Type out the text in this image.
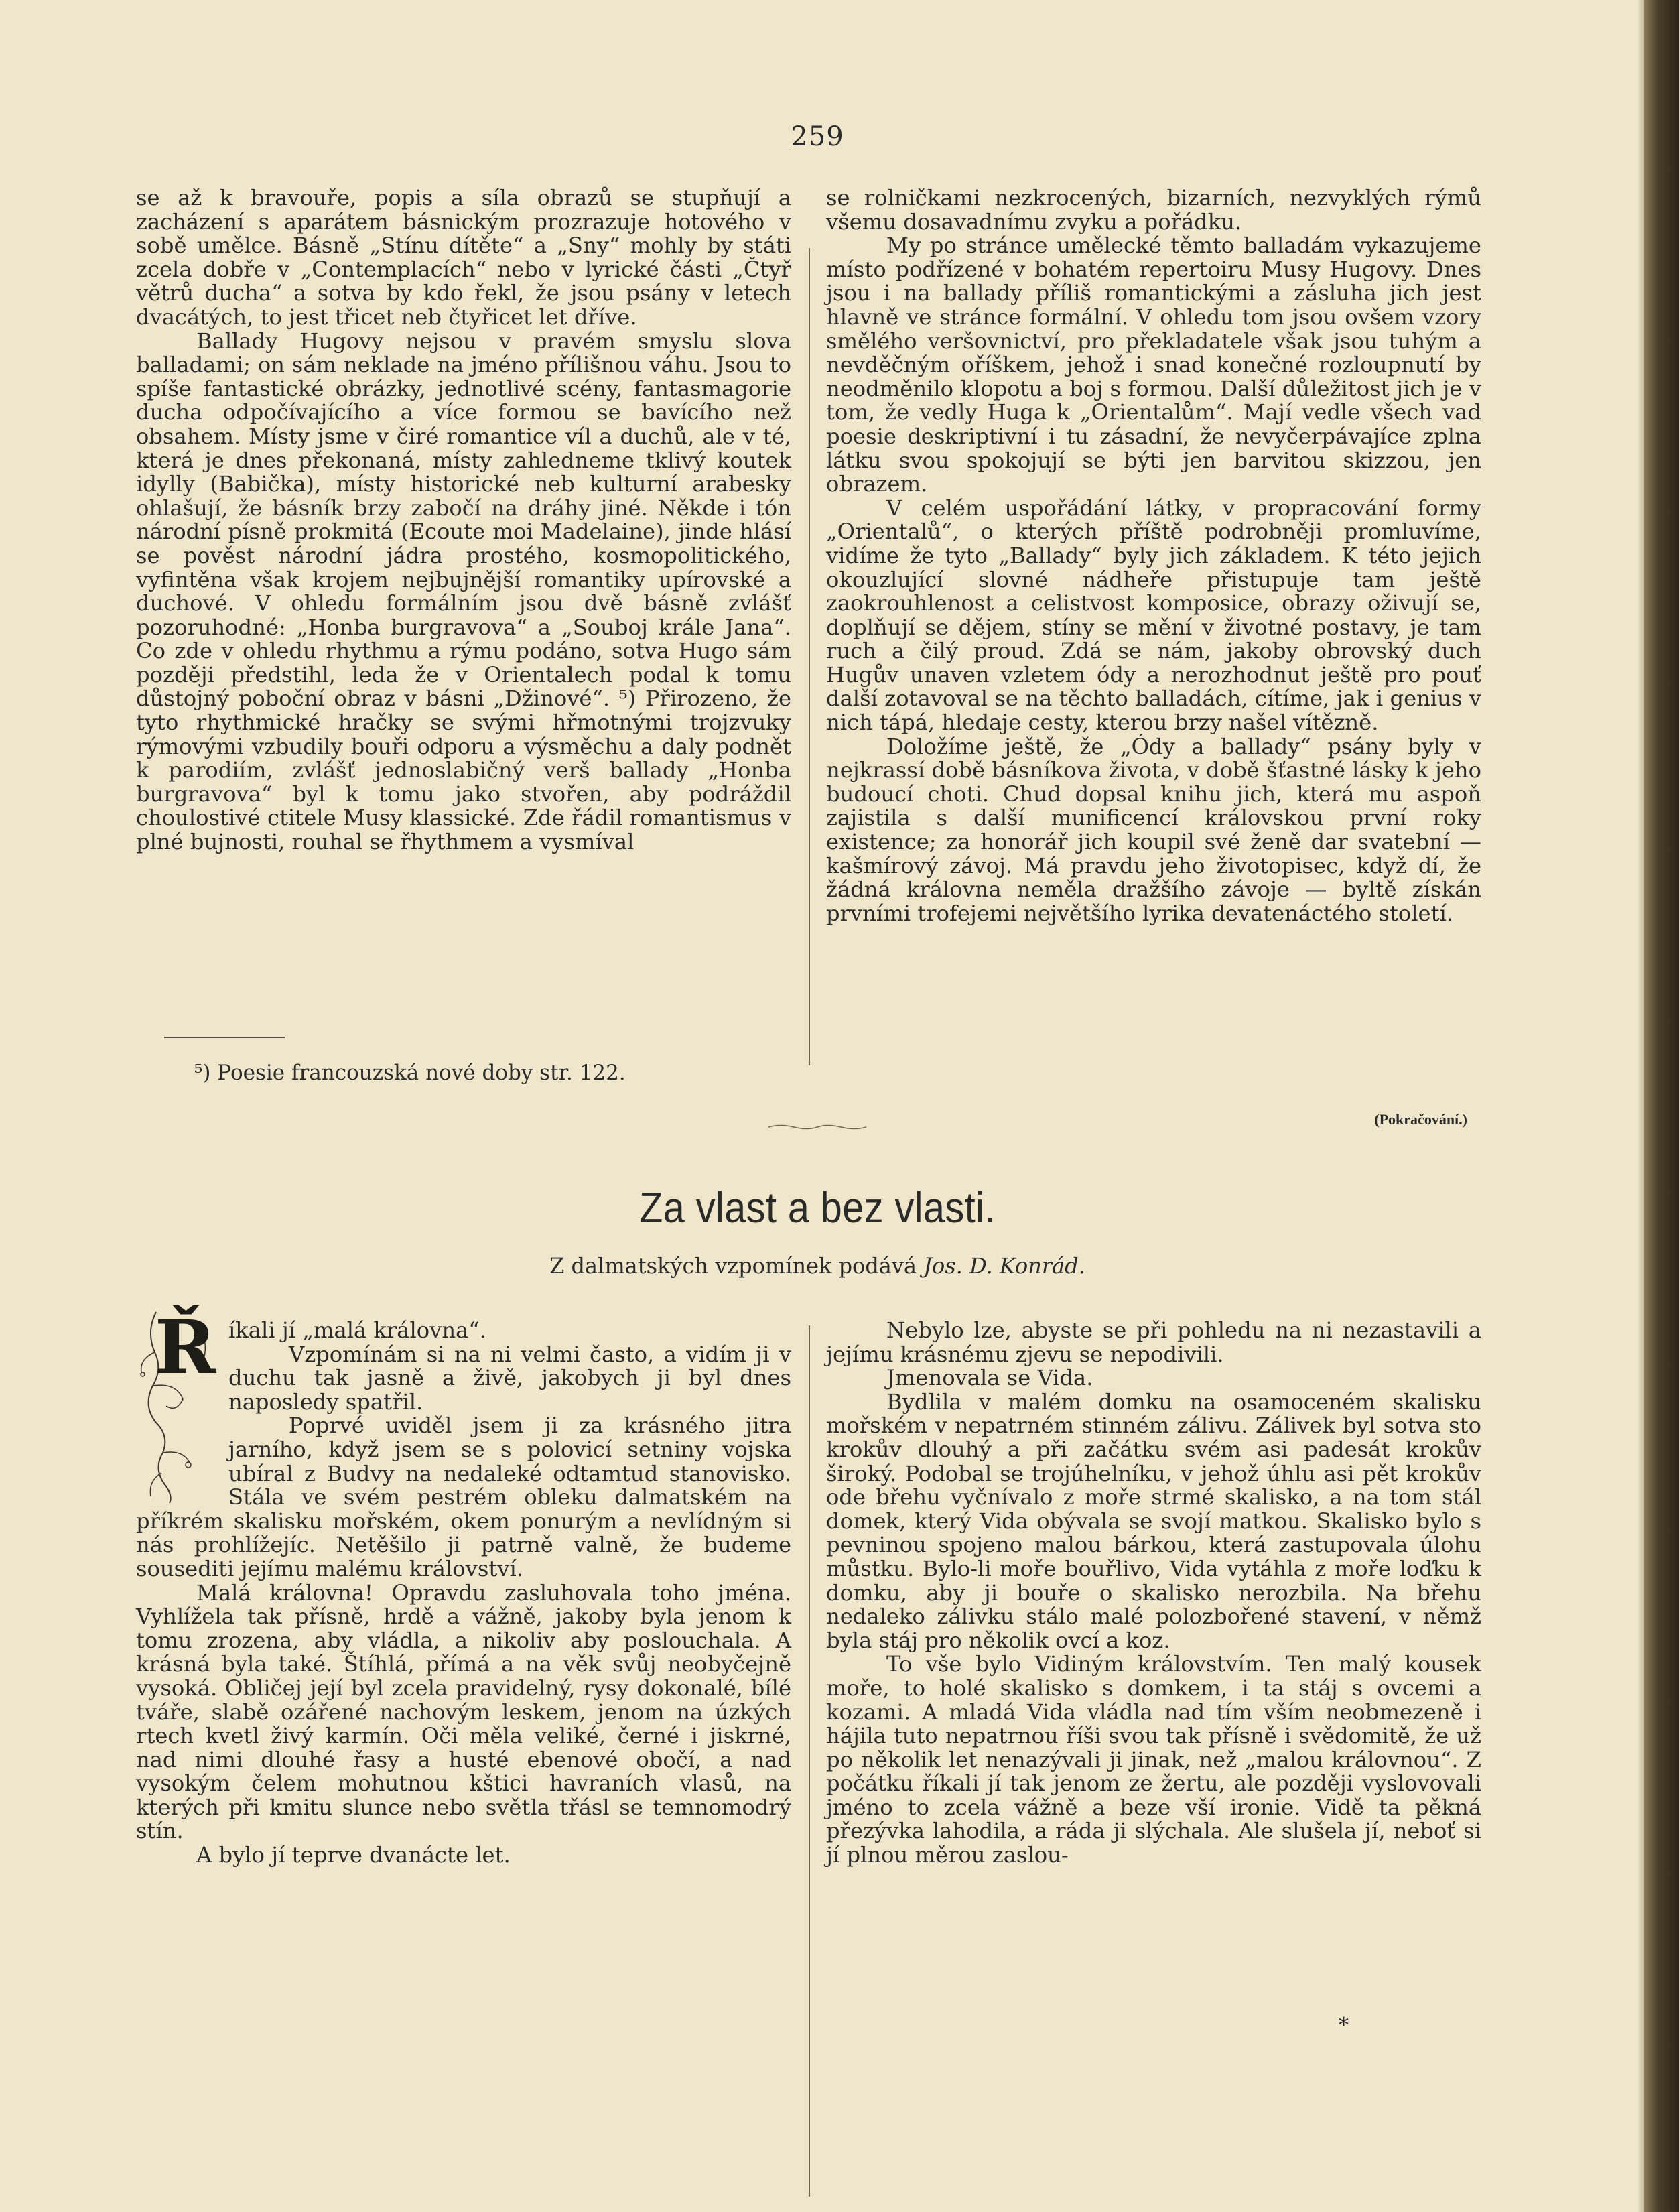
259

se až k bravouře, popis a síla obrazů se stupňují a zacházení s aparátem básnickým prozrazuje hotového v sobě umělce. Básně „Stínu dítěte“ a „Sny“ mohly by státi zcela dobře v „Contemplacích“ nebo v lyrické části „Čtyř větrů ducha“ a sotva by kdo řekl, že jsou psány v letech dvacátých, to jest třicet neb čtyřicet let dříve.

Ballady Hugovy nejsou v pravém smyslu slova balladami; on sám neklade na jméno přílišnou váhu. Jsou to spíše fantastické obrázky, jednotlivé scény, fantasmagorie ducha odpočívajícího a více formou se bavícího než obsahem. Místy jsme v čiré romantice víl a duchů, ale v té, která je dnes překonaná, místy zahledneme tklivý koutek idylly (Babička), místy historické neb kulturní arabesky ohlašují, že básník brzy zabočí na dráhy jiné. Někde i tón národní písně prokmitá (Ecoute moi Madelaine), jinde hlásí se pověst národní jádra prostého, kosmopolitického, vyfintěna však krojem nejbujnější romantiky upírovské a duchové. V ohledu formálním jsou dvě básně zvlášť pozoruhodné: „Honba burgravova“ a „Souboj krále Jana“. Co zde v ohledu rhythmu a rýmu podáno, sotva Hugo sám později předstihl, leda že v Orientalech podal k tomu důstojný poboční obraz v básni „Džinové“. ⁵) Přirozeno, že tyto rhythmické hračky se svými hřmotnými trojzvuky rýmovými vzbudily bouři odporu a výsměchu a daly podnět k parodiím, zvlášť jednoslabičný verš ballady „Honba burgravova“ byl k tomu jako stvořen, aby podráždil choulostivé ctitele Musy klassické. Zde řádil romantismus v plné bujnosti, rouhal se řhythmem a vysmíval

se rolničkami nezkrocených, bizarních, nezvyklých rýmů všemu dosavadnímu zvyku a pořádku.

My po stránce umělecké těmto balladám vykazujeme místo podřízené v bohatém repertoiru Musy Hugovy. Dnes jsou i na ballady příliš romantickými a zásluha jich jest hlavně ve stránce formální. V ohledu tom jsou ovšem vzory smělého veršovnictví, pro překladatele však jsou tuhým a nevděčným oříškem, jehož i snad konečné rozloupnutí by neodměnilo klopotu a boj s formou. Další důležitost jich je v tom, že vedly Huga k „Orientalům“. Mají vedle všech vad poesie deskriptivní i tu zásadní, že nevyčerpávajíce zplna látku svou spokojují se býti jen barvitou skizzou, jen obrazem.

V celém uspořádání látky, v propracování formy „Orientalů“, o kterých příště podrobněji promluvíme, vidíme že tyto „Ballady“ byly jich základem. K této jejich okouzlující slovné nádheře přistupuje tam ještě zaokrouhlenost a celistvost komposice, obrazy oživují se, doplňují se dějem, stíny se mění v životné postavy, je tam ruch a čilý proud. Zdá se nám, jakoby obrovský duch Hugův unaven vzletem ódy a nerozhodnut ještě pro pouť další zotavoval se na těchto balladách, cítíme, jak i genius v nich tápá, hledaje cesty, kterou brzy našel vítězně.

Doložíme ještě, že „Ódy a ballady“ psány byly v nejkrassí době básníkova života, v době šťastné lásky k jeho budoucí choti. Chud dopsal knihu jich, která mu aspoň zajistila s další munificencí královskou první roky existence; za honorář jich koupil své ženě dar svatební — kašmírový závoj. Má pravdu jeho životopisec, když dí, že žádná královna neměla dražšího závoje — byltě získán prvními trofejemi největšího lyrika devatenáctého století.

⁵) Poesie francouzská nové doby str. 122.
(Pokračování.)
Za vlast a bez vlasti.
Z dalmatských vzpomínek podává Jos. D. Konrád.
Ř íkali jí „malá královna“.

Vzpomínám si na ni velmi často, a vidím ji v duchu tak jasně a živě, jakobych ji byl dnes naposledy spatřil.

Poprvé uviděl jsem ji za krásného jitra jarního, když jsem se s polovicí setniny vojska ubíral z Budvy na nedaleké odtamtud stanovisko. Stála ve svém pestrém obleku dalmatském na příkrém skalisku mořském, okem ponurým a nevlídným si nás prohlížejíc. Netěšilo ji patrně valně, že budeme sousediti jejímu malému království.

Malá královna! Opravdu zasluhovala toho jména. Vyhlížela tak přísně, hrdě a vážně, jakoby byla jenom k tomu zrozena, aby vládla, a nikoliv aby poslouchala. A krásná byla také. Štíhlá, přímá a na věk svůj neobyčejně vysoká. Obličej její byl zcela pravidelný, rysy dokonalé, bílé tváře, slabě ozářené nachovým leskem, jenom na úzkých rtech kvetl živý karmín. Oči měla veliké, černé i jiskrné, nad nimi dlouhé řasy a husté ebenové obočí, a nad vysokým čelem mohutnou kštici havraních vlasů, na kterých při kmitu slunce nebo světla třásl se temnomodrý stín.

A bylo jí teprve dvanácte let.

Nebylo lze, abyste se při pohledu na ni nezastavili a jejímu krásnému zjevu se nepodivili.

Jmenovala se Vida.

Bydlila v malém domku na osamoceném skalisku mořském v nepatrném stinném zálivu. Zálivek byl sotva sto krokův dlouhý a při začátku svém asi padesát krokův široký. Podobal se trojúhelníku, v jehož úhlu asi pět krokův ode břehu vyčnívalo z moře strmé skalisko, a na tom stál domek, který Vida obývala se svojí matkou. Skalisko bylo s pevninou spojeno malou bárkou, která zastupovala úlohu můstku. Bylo-li moře bouřlivo, Vida vytáhla z moře loďku k domku, aby ji bouře o skalisko nerozbila. Na břehu nedaleko zálivku stálo malé polozbořené stavení, v němž byla stáj pro několik ovcí a koz.

To vše bylo Vidiným královstvím. Ten malý kousek moře, to holé skalisko s domkem, i ta stáj s ovcemi a kozami. A mladá Vida vládla nad tím vším neobmezeně i hájila tuto nepatrnou říši svou tak přísně i svědomitě, že už po několik let nenazývali ji jinak, než „malou královnou“. Z počátku říkali jí tak jenom ze žertu, ale později vyslovovali jméno to zcela vážně a beze vší ironie. Vidě ta pěkná přezývka lahodila, a ráda ji slýchala. Ale slušela jí, neboť si jí plnou měrou zaslou-

*
